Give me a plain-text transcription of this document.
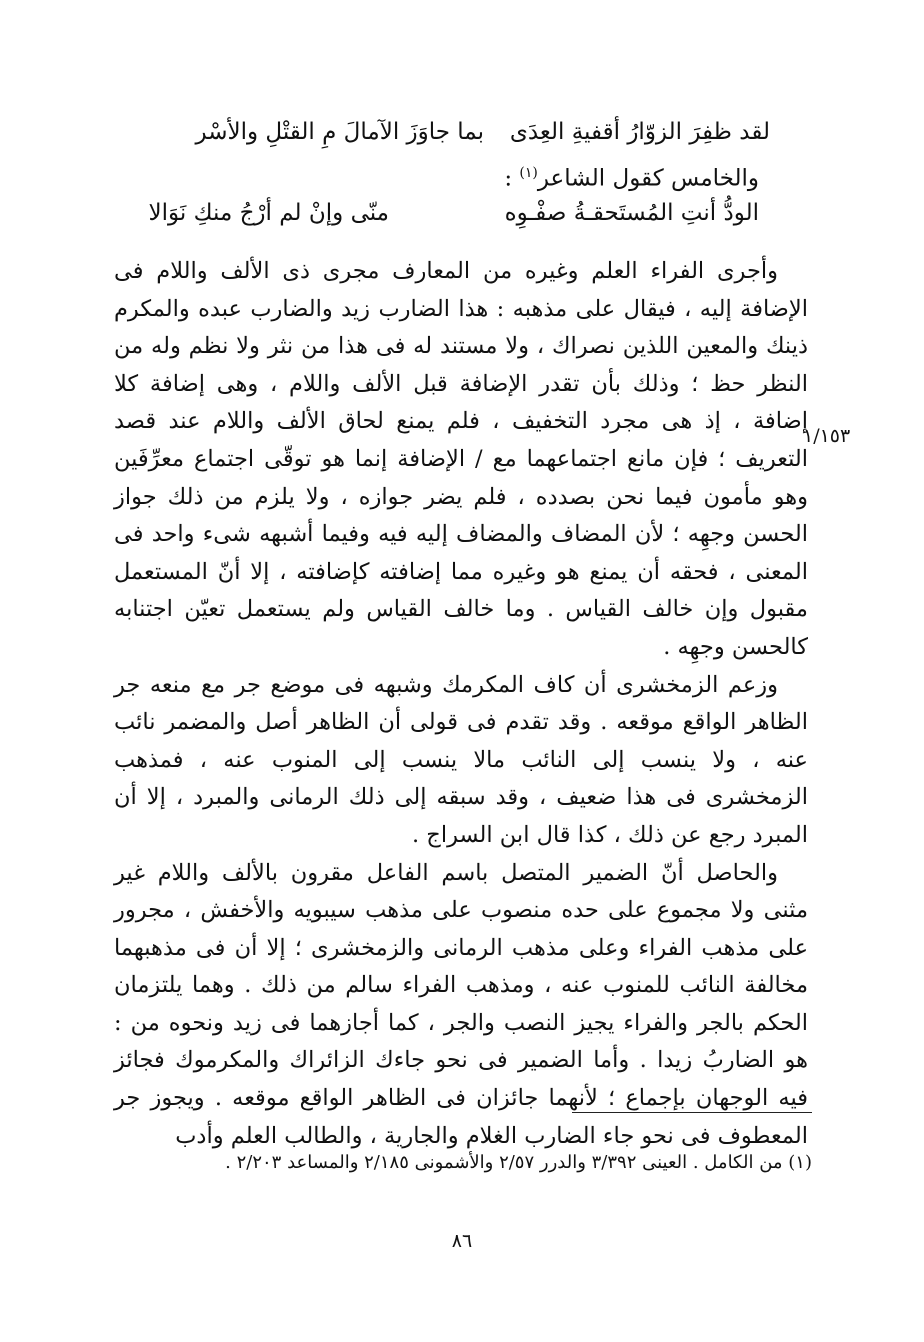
لقد ظفِرَ الزوّارُ أقفيةِ العِدَى
بما جاوَزَ الآمالَ مِ القتْلِ والأسْر
والخامس كقول الشاعر$^{(١)}$ :
الودُّ أنتِ المُستَحقـةُ صفْـوِه
منّى وإنْ لم أرْجُ منكِ نَوَالا

وأجرى الفراء العلم وغيره من المعارف مجرى ذى الألف واللام فى الإضافة إليه ، فيقال على مذهبه : هذا الضارب زيد والضارب عبده والمكرم ذينك والمعين اللذين نصراك ، ولا مستند له فى هذا من نثر ولا نظم وله من النظر حظ ؛ وذلك بأن تقدر الإضافة قبل الألف واللام ، وهى إضافة كلا إضافة ، إذ هى مجرد التخفيف ، فلم يمنع لحاق الألف واللام عند قصد التعريف ؛ فإن مانع اجتماعهما مع / الإضافة إنما هو توقّى اجتماع معرِّفَين وهو مأمون فيما نحن بصدده ، فلم يضر جوازه ، ولا يلزم من ذلك جواز الحسن وجهِه ؛ لأن المضاف والمضاف إليه فيه وفيما أشبهه شىء واحد فى المعنى ، فحقه أن يمنع هو وغيره مما إضافته كإضافته ، إلا أنّ المستعمل مقبول وإن خالف القياس . وما خالف القياس ولم يستعمل تعيّن اجتنابه كالحسن وجهِه .

وزعم الزمخشرى أن كاف المكرمك وشبهه فى موضع جر مع منعه جر الظاهر الواقع موقعه . وقد تقدم فى قولى أن الظاهر أصل والمضمر نائب عنه ، ولا ينسب إلى النائب مالا ينسب إلى المنوب عنه ، فمذهب الزمخشرى فى هذا ضعيف ، وقد سبقه إلى ذلك الرمانى والمبرد ، إلا أن المبرد رجع عن ذلك ، كذا قال ابن السراج .

والحاصل أنّ الضمير المتصل باسم الفاعل مقرون بالألف واللام غير مثنى ولا مجموع على حده منصوب على مذهب سيبويه والأخفش ، مجرور على مذهب الفراء وعلى مذهب الرمانى والزمخشرى ؛ إلا أن فى مذهبهما مخالفة النائب للمنوب عنه ، ومذهب الفراء سالم من ذلك . وهما يلتزمان الحكم بالجر والفراء يجيز النصب والجر ، كما أجازهما فى زيد ونحوه من : هو الضاربُ زيدا . وأما الضمير فى نحو جاءك الزائراك والمكرموك فجائز فيه الوجهان بإجماع ؛ لأنهما جائزان فى الظاهر الواقع موقعه . ويجوز جر المعطوف فى نحو جاء الضارب الغلام والجارية ، والطالب العلم وأدب

١/١٥٣
(١) من الكامل . العينى ٣/٣٩٢ والدرر ٢/٥٧ والأشمونى ٢/١٨٥ والمساعد ٢/٢٠٣ .
٨٦
